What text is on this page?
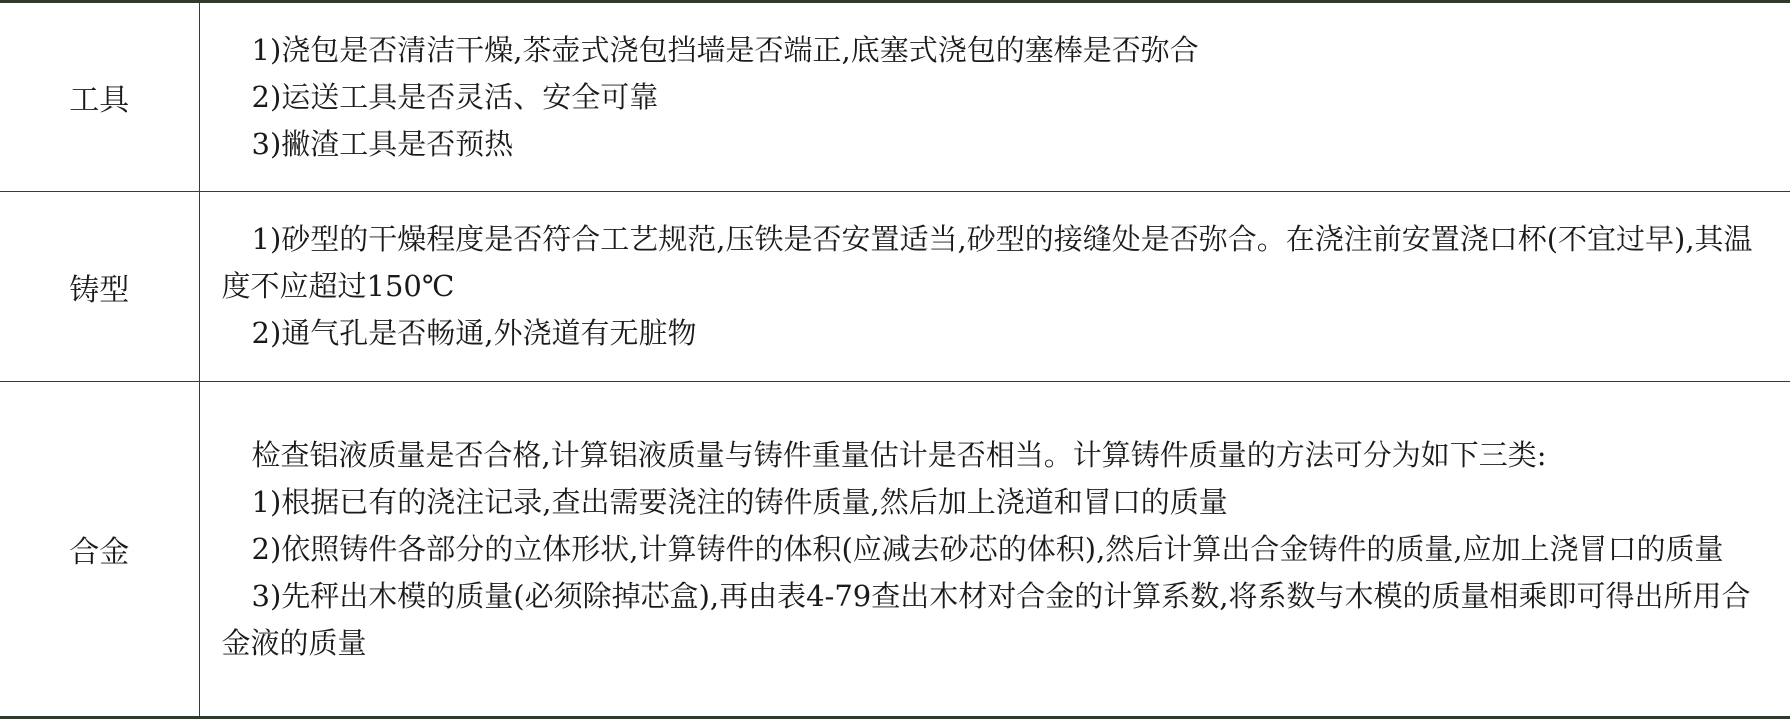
工具	1)浇包是否清洁干燥,茶壶式浇包挡墙是否端正,底塞式浇包的塞棒是否弥合

2)运送工具是否灵活、安全可靠

3)撇渣工具是否预热

铸型	1)砂型的干燥程度是否符合工艺规范,压铁是否安置适当,砂型的接缝处是否弥合。在浇注前安置浇口杯(不宜过早),其温度不应超过150℃

2)通气孔是否畅通,外浇道有无脏物

合金	检查铝液质量是否合格,计算铝液质量与铸件重量估计是否相当。计算铸件质量的方法可分为如下三类:

1)根据已有的浇注记录,查出需要浇注的铸件质量,然后加上浇道和冒口的质量

2)依照铸件各部分的立体形状,计算铸件的体积(应减去砂芯的体积),然后计算出合金铸件的质量,应加上浇冒口的质量

3)先秤出木模的质量(必须除掉芯盒),再由表4-79查出木材对合金的计算系数,将系数与木模的质量相乘即可得出所用合金液的质量
